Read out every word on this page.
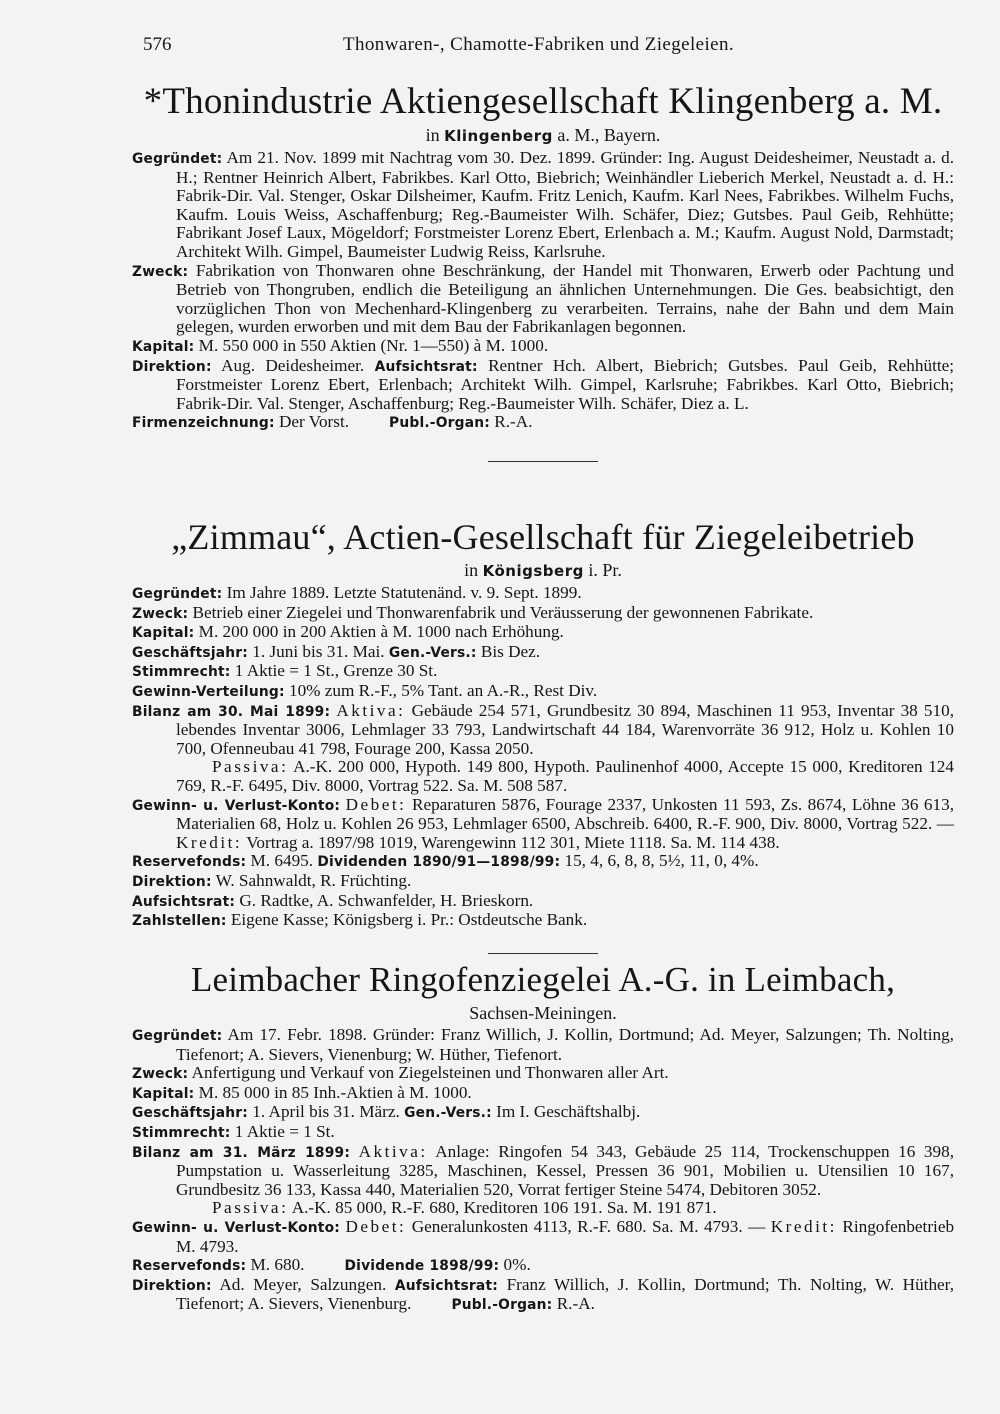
576	Thonwaren-, Chamotte-Fabriken und Ziegeleien.
*Thonindustrie Aktiengesellschaft Klingenberg a. M.
in Klingenberg a. M., Bayern.

Gegründet: Am 21. Nov. 1899 mit Nachtrag vom 30. Dez. 1899. Gründer: Ing. August Deidesheimer, Neustadt a. d. H.; Rentner Heinrich Albert, Fabrikbes. Karl Otto, Biebrich; Weinhändler Lieberich Merkel, Neustadt a. d. H.: Fabrik-Dir. Val. Stenger, Oskar Dilsheimer, Kaufm. Fritz Lenich, Kaufm. Karl Nees, Fabrikbes. Wilhelm Fuchs, Kaufm. Louis Weiss, Aschaffenburg; Reg.-Baumeister Wilh. Schäfer, Diez; Gutsbes. Paul Geib, Rehhütte; Fabrikant Josef Laux, Mögeldorf; Forstmeister Lorenz Ebert, Erlenbach a. M.; Kaufm. August Nold, Darmstadt; Architekt Wilh. Gimpel, Baumeister Ludwig Reiss, Karlsruhe.

Zweck: Fabrikation von Thonwaren ohne Beschränkung, der Handel mit Thonwaren, Erwerb oder Pachtung und Betrieb von Thongruben, endlich die Beteiligung an ähnlichen Unternehmungen. Die Ges. beabsichtigt, den vorzüglichen Thon von Mechenhard-Klingenberg zu verarbeiten. Terrains, nahe der Bahn und dem Main gelegen, wurden erworben und mit dem Bau der Fabrikanlagen begonnen.

Kapital: M. 550 000 in 550 Aktien (Nr. 1—550) à M. 1000.

Direktion: Aug. Deidesheimer. Aufsichtsrat: Rentner Hch. Albert, Biebrich; Gutsbes. Paul Geib, Rehhütte; Forstmeister Lorenz Ebert, Erlenbach; Architekt Wilh. Gimpel, Karlsruhe; Fabrikbes. Karl Otto, Biebrich; Fabrik-Dir. Val. Stenger, Aschaffenburg; Reg.-Baumeister Wilh. Schäfer, Diez a. L.

Firmenzeichnung: Der Vorst.	Publ.-Organ: R.-A.

„Zimmau“, Actien-Gesellschaft für Ziegeleibetrieb
in Königsberg i. Pr.

Gegründet: Im Jahre 1889. Letzte Statutenänd. v. 9. Sept. 1899.

Zweck: Betrieb einer Ziegelei und Thonwarenfabrik und Veräusserung der gewonnenen Fabrikate.

Kapital: M. 200 000 in 200 Aktien à M. 1000 nach Erhöhung.

Geschäftsjahr: 1. Juni bis 31. Mai. Gen.-Vers.: Bis Dez.

Stimmrecht: 1 Aktie = 1 St., Grenze 30 St.

Gewinn-Verteilung: 10% zum R.-F., 5% Tant. an A.-R., Rest Div.

Bilanz am 30. Mai 1899: Aktiva: Gebäude 254 571, Grundbesitz 30 894, Maschinen 11 953, Inventar 38 510, lebendes Inventar 3006, Lehmlager 33 793, Landwirtschaft 44 184, Warenvorräte 36 912, Holz u. Kohlen 10 700, Ofenneubau 41 798, Fourage 200, Kassa 2050.

Passiva: A.-K. 200 000, Hypoth. 149 800, Hypoth. Paulinenhof 4000, Accepte 15 000, Kreditoren 124 769, R.-F. 6495, Div. 8000, Vortrag 522. Sa. M. 508 587.

Gewinn- u. Verlust-Konto: Debet: Reparaturen 5876, Fourage 2337, Unkosten 11 593, Zs. 8674, Löhne 36 613, Materialien 68, Holz u. Kohlen 26 953, Lehmlager 6500, Abschreib. 6400, R.-F. 900, Div. 8000, Vortrag 522. — Kredit: Vortrag a. 1897/98 1019, Warengewinn 112 301, Miete 1118. Sa. M. 114 438.

Reservefonds: M. 6495. Dividenden 1890/91—1898/99: 15, 4, 6, 8, 8, 5½, 11, 0, 4%.

Direktion: W. Sahnwaldt, R. Früchting.

Aufsichtsrat: G. Radtke, A. Schwanfelder, H. Brieskorn.

Zahlstellen: Eigene Kasse; Königsberg i. Pr.: Ostdeutsche Bank.

Leimbacher Ringofenziegelei A.-G. in Leimbach,
Sachsen-Meiningen.

Gegründet: Am 17. Febr. 1898. Gründer: Franz Willich, J. Kollin, Dortmund; Ad. Meyer, Salzungen; Th. Nolting, Tiefenort; A. Sievers, Vienenburg; W. Hüther, Tiefenort.

Zweck: Anfertigung und Verkauf von Ziegelsteinen und Thonwaren aller Art.

Kapital: M. 85 000 in 85 Inh.-Aktien à M. 1000.

Geschäftsjahr: 1. April bis 31. März. Gen.-Vers.: Im I. Geschäftshalbj.

Stimmrecht: 1 Aktie = 1 St.

Bilanz am 31. März 1899: Aktiva: Anlage: Ringofen 54 343, Gebäude 25 114, Trockenschuppen 16 398, Pumpstation u. Wasserleitung 3285, Maschinen, Kessel, Pressen 36 901, Mobilien u. Utensilien 10 167, Grundbesitz 36 133, Kassa 440, Materialien 520, Vorrat fertiger Steine 5474, Debitoren 3052.

Passiva: A.-K. 85 000, R.-F. 680, Kreditoren 106 191. Sa. M. 191 871.

Gewinn- u. Verlust-Konto: Debet: Generalunkosten 4113, R.-F. 680. Sa. M. 4793. — Kredit: Ringofenbetrieb M. 4793.

Reservefonds: M. 680.	Dividende 1898/99: 0%.

Direktion: Ad. Meyer, Salzungen. Aufsichtsrat: Franz Willich, J. Kollin, Dortmund; Th. Nolting, W. Hüther, Tiefenort; A. Sievers, Vienenburg.	Publ.-Organ: R.-A.
